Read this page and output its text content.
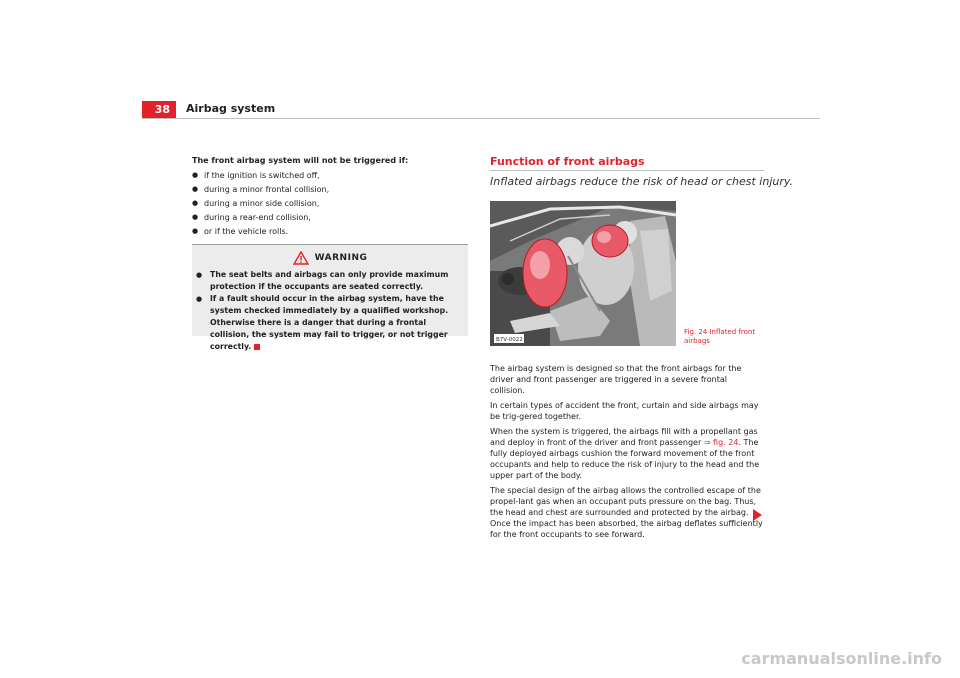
38	Airbag system
The front airbag system will not be triggered if:
● if the ignition is switched off,
● during a minor frontal collision,
● during a minor side collision,
● during a rear-end collision,
● or if the vehicle rolls.
WARNING
● The seat belts and airbags can only provide maximum protection if the occupants are seated correctly.
● If a fault should occur in the airbag system, have the system checked immediately by a qualified workshop. Otherwise there is a danger that during a frontal collision, the system may fail to trigger, or not trigger correctly.
Function of front airbags
Inflated airbags reduce the risk of head or chest injury.
B7V-0022
Fig. 24 Inflated front
airbags

The airbag system is designed so that the front airbags for the driver and front passenger are triggered in a severe frontal collision.

In certain types of accident the front, curtain and side airbags may be trig-gered together.

When the system is triggered, the airbags fill with a propellant gas and deploy in front of the driver and front passenger ⇒ fig. 24. The fully deployed airbags cushion the forward movement of the front occupants and help to reduce the risk of injury to the head and the upper part of the body.

The special design of the airbag allows the controlled escape of the propel-lant gas when an occupant puts pressure on the bag. Thus, the head and chest are surrounded and protected by the airbag. Once the impact has been absorbed, the airbag deflates sufficiently for the front occupants to see forward.

carmanualsonline.info
